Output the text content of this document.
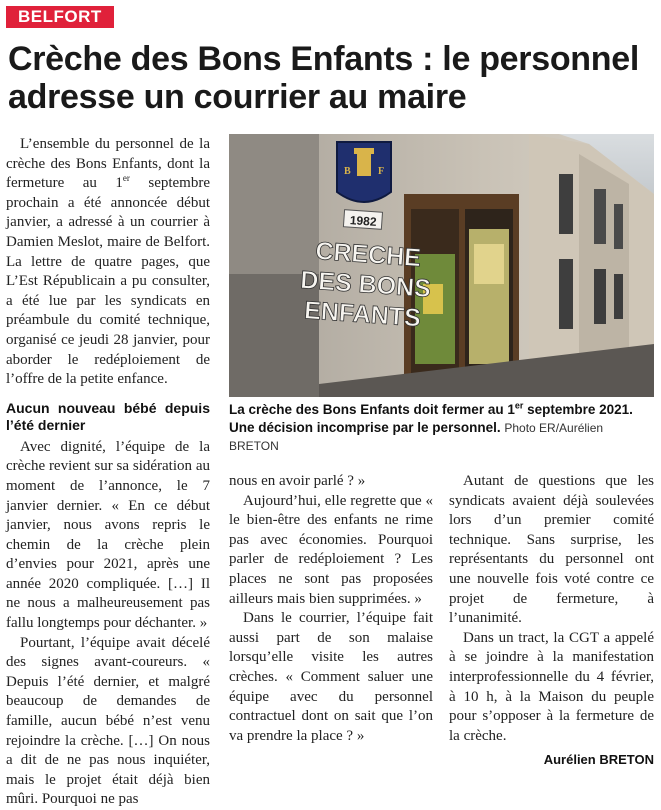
BELFORT
Crèche des Bons Enfants : le personnel adresse un courrier au maire

L’ensemble du personnel de la crèche des Bons Enfants, dont la fermeture au 1er septembre prochain a été annoncée début janvier, a adressé à un courrier à Damien Meslot, maire de Belfort. La lettre de quatre pages, que L’Est Républicain a pu consulter, a été lue par les syndicats en préambule du comité technique, organisé ce jeudi 28 janvier, pour aborder le redéploiement de l’offre de la petite enfance.

Aucun nouveau bébé depuis l’été dernier

Avec dignité, l’équipe de la crèche revient sur sa sidération au moment de l’annonce, le 7 janvier dernier. « En ce début janvier, nous avons repris le chemin de la crèche plein d’envies pour 2021, après une année 2020 compliquée. […] Il ne nous a malheureusement pas fallu longtemps pour déchanter. »

Pourtant, l’équipe avait décelé des signes avant-coureurs. « Depuis l’été dernier, et malgré beaucoup de demandes de famille, aucun bébé n’est venu rejoindre la crèche. […] On nous a dit de ne pas nous inquiéter, mais le projet était déjà bien mûri. Pourquoi ne pas

B	F
1982
CRECHE
DES BONS
ENFANTS
La crèche des Bons Enfants doit fermer au 1er septembre 2021. Une décision incomprise par le personnel. Photo ER/Aurélien BRETON

nous en avoir parlé ? »

Aujourd’hui, elle regrette que « le bien-être des enfants ne rime pas avec économies. Pourquoi parler de redéploiement ? Les places ne sont pas proposées ailleurs mais bien supprimées. »

Dans le courrier, l’équipe fait aussi part de son malaise lorsqu’elle visite les autres crèches. « Comment saluer une équipe avec du personnel contractuel dont on sait que l’on va prendre la place ? »

Autant de questions que les syndicats avaient déjà soulevées lors d’un premier comité technique. Sans surprise, les représentants du personnel ont une nouvelle fois voté contre ce projet de fermeture, à l’unanimité.

Dans un tract, la CGT a appelé à se joindre à la manifestation interprofessionnelle du 4 février, à 10 h, à la Maison du peuple pour s’opposer à la fermeture de la crèche.

Aurélien BRETON
